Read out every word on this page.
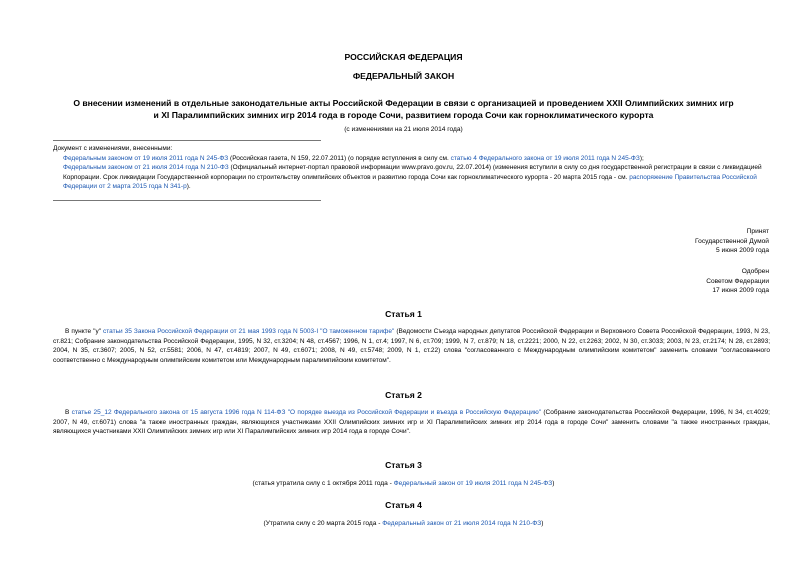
РОССИЙСКАЯ ФЕДЕРАЦИЯ
ФЕДЕРАЛЬНЫЙ ЗАКОН
О внесении изменений в отдельные законодательные акты Российской Федерации в связи с организацией и проведением XXII Олимпийских зимних игр и XI Паралимпийских зимних игр 2014 года в городе Сочи, развитием города Сочи как горноклиматического курорта
(с изменениями на 21 июля 2014 года)
Документ с изменениями, внесенными:
Федеральным законом от 19 июля 2011 года N 245-ФЗ (Российская газета, N 159, 22.07.2011) (о порядке вступления в силу см. статью 4 Федерального закона от 19 июля 2011 года N 245-ФЗ);
Федеральным законом от 21 июля 2014 года N 210-ФЗ (Официальный интернет-портал правовой информации www.pravo.gov.ru, 22.07.2014) (изменения вступили в силу со дня государственной регистрации в связи с ликвидацией Корпорации. Срок ликвидации Государственной корпорации по строительству олимпийских объектов и развитию города Сочи как горноклиматического курорта - 20 марта 2015 года - см. распоряжение Правительства Российской Федерации от 2 марта 2015 года N 341-р).
Принят
Государственной Думой
5 июня 2009 года
Одобрен
Советом Федерации
17 июня 2009 года
Статья 1
В пункте "у" статьи 35 Закона Российской Федерации от 21 мая 1993 года N 5003-I "О таможенном тарифе" (Ведомости Съезда народных депутатов Российской Федерации и Верховного Совета Российской Федерации, 1993, N 23, ст.821; Собрание законодательства Российской Федерации, 1995, N 32, ст.3204; N 48, ст.4567; 1996, N 1, ст.4; 1997, N 6, ст.709; 1999, N 7, ст.879; N 18, ст.2221; 2000, N 22, ст.2263; 2002, N 30, ст.3033; 2003, N 23, ст.2174; N 28, ст.2893; 2004, N 35, ст.3607; 2005, N 52, ст.5581; 2006, N 47, ст.4819; 2007, N 49, ст.6071; 2008, N 49, ст.5748; 2009, N 1, ст.22) слова "согласованного с Международным олимпийским комитетом" заменить словами "согласованного соответственно с Международным олимпийским комитетом или Международным паралимпийским комитетом".
Статья 2
В статье 25_12 Федерального закона от 15 августа 1996 года N 114-ФЗ "О порядке выезда из Российской Федерации и въезда в Российскую Федерацию" (Собрание законодательства Российской Федерации, 1996, N 34, ст.4029; 2007, N 49, ст.6071) слова "а также иностранных граждан, являющихся участниками XXII Олимпийских зимних игр и XI Паралимпийских зимних игр 2014 года в городе Сочи" заменить словами "а также иностранных граждан, являющихся участниками XXII Олимпийских зимних игр или XI Паралимпийских зимних игр 2014 года в городе Сочи".
Статья 3
(статья утратила силу с 1 октября 2011 года - Федеральный закон от 19 июля 2011 года N 245-ФЗ)
Статья 4
(Утратила силу с 20 марта 2015 года - Федеральный закон от 21 июля 2014 года N 210-ФЗ)
